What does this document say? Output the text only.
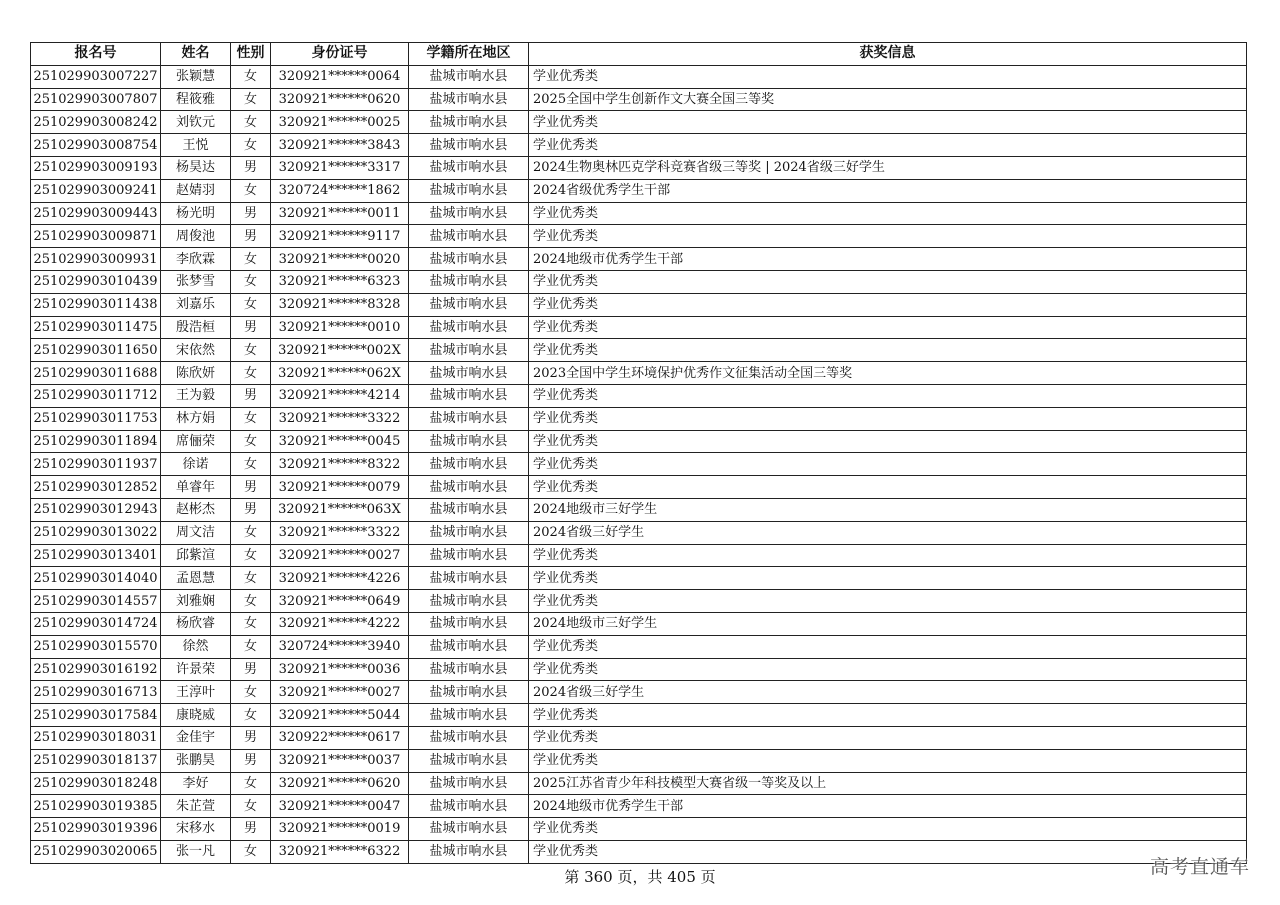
报名号	姓名	性别	身份证号	学籍所在地区	获奖信息
251029903007227	张颖慧	女	320921******0064	盐城市响水县	学业优秀类
251029903007807	程筱雅	女	320921******0620	盐城市响水县	2025全国中学生创新作文大赛全国三等奖
251029903008242	刘钦元	女	320921******0025	盐城市响水县	学业优秀类
251029903008754	王悦	女	320921******3843	盐城市响水县	学业优秀类
251029903009193	杨昊达	男	320921******3317	盐城市响水县	2024生物奥林匹克学科竞赛省级三等奖 | 2024省级三好学生
251029903009241	赵婧羽	女	320724******1862	盐城市响水县	2024省级优秀学生干部
251029903009443	杨光明	男	320921******0011	盐城市响水县	学业优秀类
251029903009871	周俊池	男	320921******9117	盐城市响水县	学业优秀类
251029903009931	李欣霖	女	320921******0020	盐城市响水县	2024地级市优秀学生干部
251029903010439	张梦雪	女	320921******6323	盐城市响水县	学业优秀类
251029903011438	刘嘉乐	女	320921******8328	盐城市响水县	学业优秀类
251029903011475	殷浩桓	男	320921******0010	盐城市响水县	学业优秀类
251029903011650	宋依然	女	320921******002X	盐城市响水县	学业优秀类
251029903011688	陈欣妍	女	320921******062X	盐城市响水县	2023全国中学生环境保护优秀作文征集活动全国三等奖
251029903011712	王为毅	男	320921******4214	盐城市响水县	学业优秀类
251029903011753	林方娟	女	320921******3322	盐城市响水县	学业优秀类
251029903011894	席俪荣	女	320921******0045	盐城市响水县	学业优秀类
251029903011937	徐诺	女	320921******8322	盐城市响水县	学业优秀类
251029903012852	单睿年	男	320921******0079	盐城市响水县	学业优秀类
251029903012943	赵彬杰	男	320921******063X	盐城市响水县	2024地级市三好学生
251029903013022	周文洁	女	320921******3322	盐城市响水县	2024省级三好学生
251029903013401	邱紫渲	女	320921******0027	盐城市响水县	学业优秀类
251029903014040	孟恩慧	女	320921******4226	盐城市响水县	学业优秀类
251029903014557	刘雅娴	女	320921******0649	盐城市响水县	学业优秀类
251029903014724	杨欣睿	女	320921******4222	盐城市响水县	2024地级市三好学生
251029903015570	徐然	女	320724******3940	盐城市响水县	学业优秀类
251029903016192	许景荣	男	320921******0036	盐城市响水县	学业优秀类
251029903016713	王淳叶	女	320921******0027	盐城市响水县	2024省级三好学生
251029903017584	康晓威	女	320921******5044	盐城市响水县	学业优秀类
251029903018031	金佳宇	男	320922******0617	盐城市响水县	学业优秀类
251029903018137	张鹏昊	男	320921******0037	盐城市响水县	学业优秀类
251029903018248	李好	女	320921******0620	盐城市响水县	2025江苏省青少年科技模型大赛省级一等奖及以上
251029903019385	朱芷萱	女	320921******0047	盐城市响水县	2024地级市优秀学生干部
251029903019396	宋移水	男	320921******0019	盐城市响水县	学业优秀类
251029903020065	张一凡	女	320921******6322	盐城市响水县	学业优秀类
第 360 页，共 405 页	高考直通车
